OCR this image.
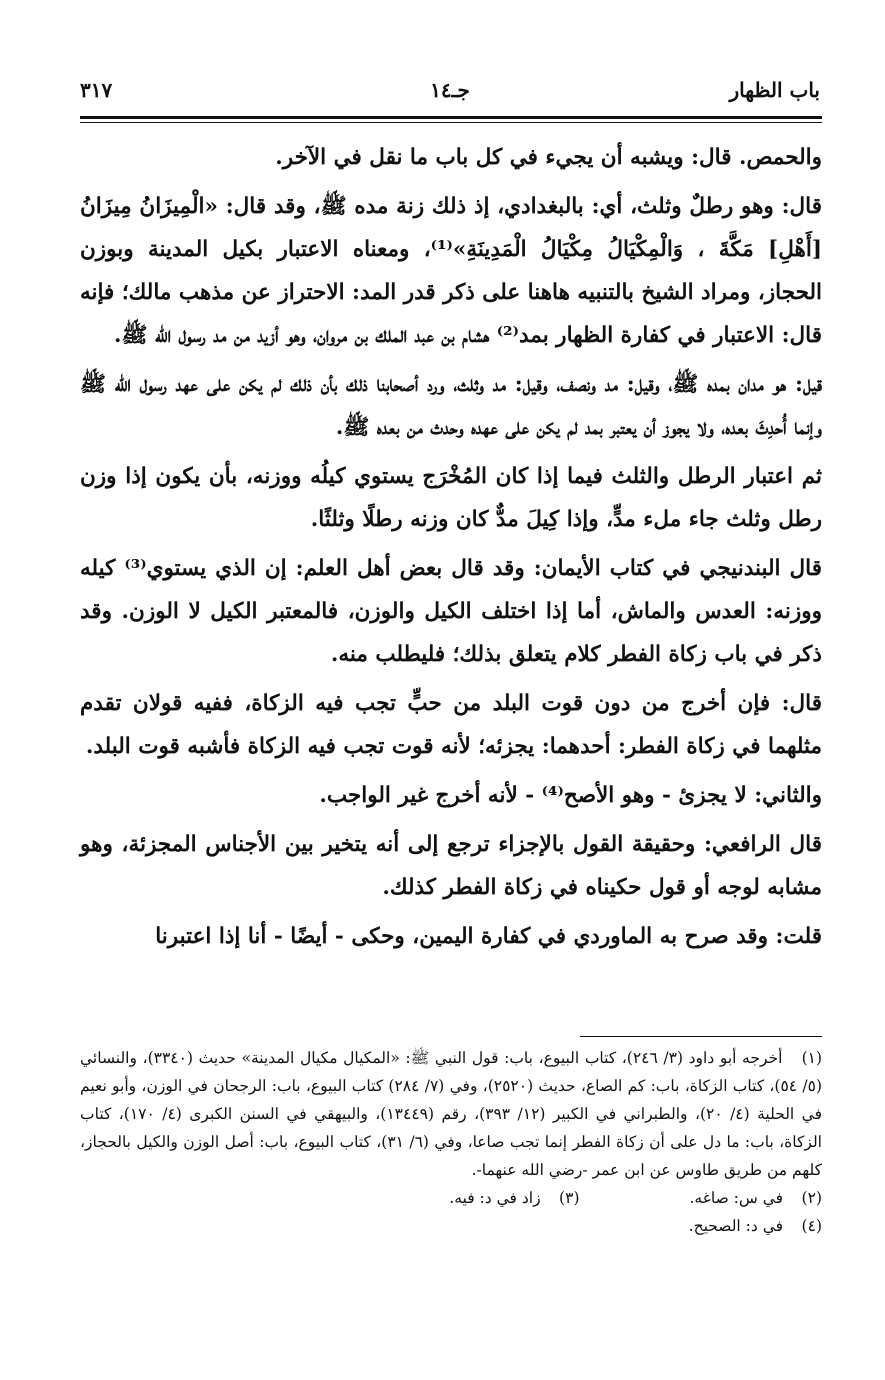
باب الظهار
جـ١٤
٣١٧

والحمص. قال: ويشبه أن يجيء في كل باب ما نقل في الآخر.

قال: وهو رطلٌ وثلث، أي: بالبغدادي، إذ ذلك زنة مده ﷺ، وقد قال: «الْمِيزَانُ مِيزَانُ [أَهْلِ] مَكَّةَ ، وَالْمِكْيَالُ مِكْيَالُ الْمَدِينَةِ»⁽¹⁾، ومعناه الاعتبار بكيل المدينة وبوزن الحجاز، ومراد الشيخ بالتنبيه هاهنا على ذكر قدر المد: الاحتراز عن مذهب مالك؛ فإنه قال: الاعتبار في كفارة الظهار بمد⁽²⁾ هشام بن عبد الملك بن مروان، وهو أزيد من مد رسول الله ﷺ.

قيل: هو مدان بمده ﷺ، وقيل: مد ونصف، وقيل: مد وثلث، ورد أصحابنا ذلك بأن ذلك لم يكن على عهد رسول الله ﷺ وإنما أُحدِثَ بعده، ولا يجوز أن يعتبر بمد لم يكن على عهده وحدث من بعده ﷺ.

ثم اعتبار الرطل والثلث فيما إذا كان المُخْرَج يستوي كيلُه ووزنه، بأن يكون إذا وزن رطل وثلث جاء ملء مدٍّ، وإذا كِيلَ مدٌّ كان وزنه رطلًا وثلثًا.

قال البندنيجي في كتاب الأيمان: وقد قال بعض أهل العلم: إن الذي يستوي⁽³⁾ كيله ووزنه: العدس والماش، أما إذا اختلف الكيل والوزن، فالمعتبر الكيل لا الوزن. وقد ذكر في باب زكاة الفطر كلام يتعلق بذلك؛ فليطلب منه.

قال: فإن أخرج من دون قوت البلد من حبٍّ تجب فيه الزكاة، ففيه قولان تقدم مثلهما في زكاة الفطر: أحدهما: يجزئه؛ لأنه قوت تجب فيه الزكاة فأشبه قوت البلد.

والثاني: لا يجزئ - وهو الأصح⁽⁴⁾ - لأنه أخرج غير الواجب.

قال الرافعي: وحقيقة القول بالإجزاء ترجع إلى أنه يتخير بين الأجناس المجزئة، وهو مشابه لوجه أو قول حكيناه في زكاة الفطر كذلك.

قلت: وقد صرح به الماوردي في كفارة اليمين، وحكى - أيضًا - أنا إذا اعتبرنا

(١) أخرجه أبو داود (٣/ ٢٤٦)، كتاب البيوع، باب: قول النبي ﷺ: «المكيال مكيال المدينة» حديث (٣٣٤٠)، والنسائي (٥/ ٥٤)، كتاب الزكاة، باب: كم الصاع، حديث (٢٥٢٠)، وفي (٧/ ٢٨٤) كتاب البيوع، باب: الرجحان في الوزن، وأبو نعيم في الحلية (٤/ ٢٠)، والطبراني في الكبير (١٢/ ٣٩٣)، رقم (١٣٤٤٩)، والبيهقي في السنن الكبرى (٤/ ١٧٠)، كتاب الزكاة، باب: ما دل على أن زكاة الفطر إنما تجب صاعا، وفي (٦/ ٣١)، كتاب البيوع، باب: أصل الوزن والكيل بالحجاز، كلهم من طريق طاوس عن ابن عمر -رضي الله عنهما-.

(٢) في س: صاغه.

(٣) زاد في د: فيه.

(٤) في د: الصحيح.
